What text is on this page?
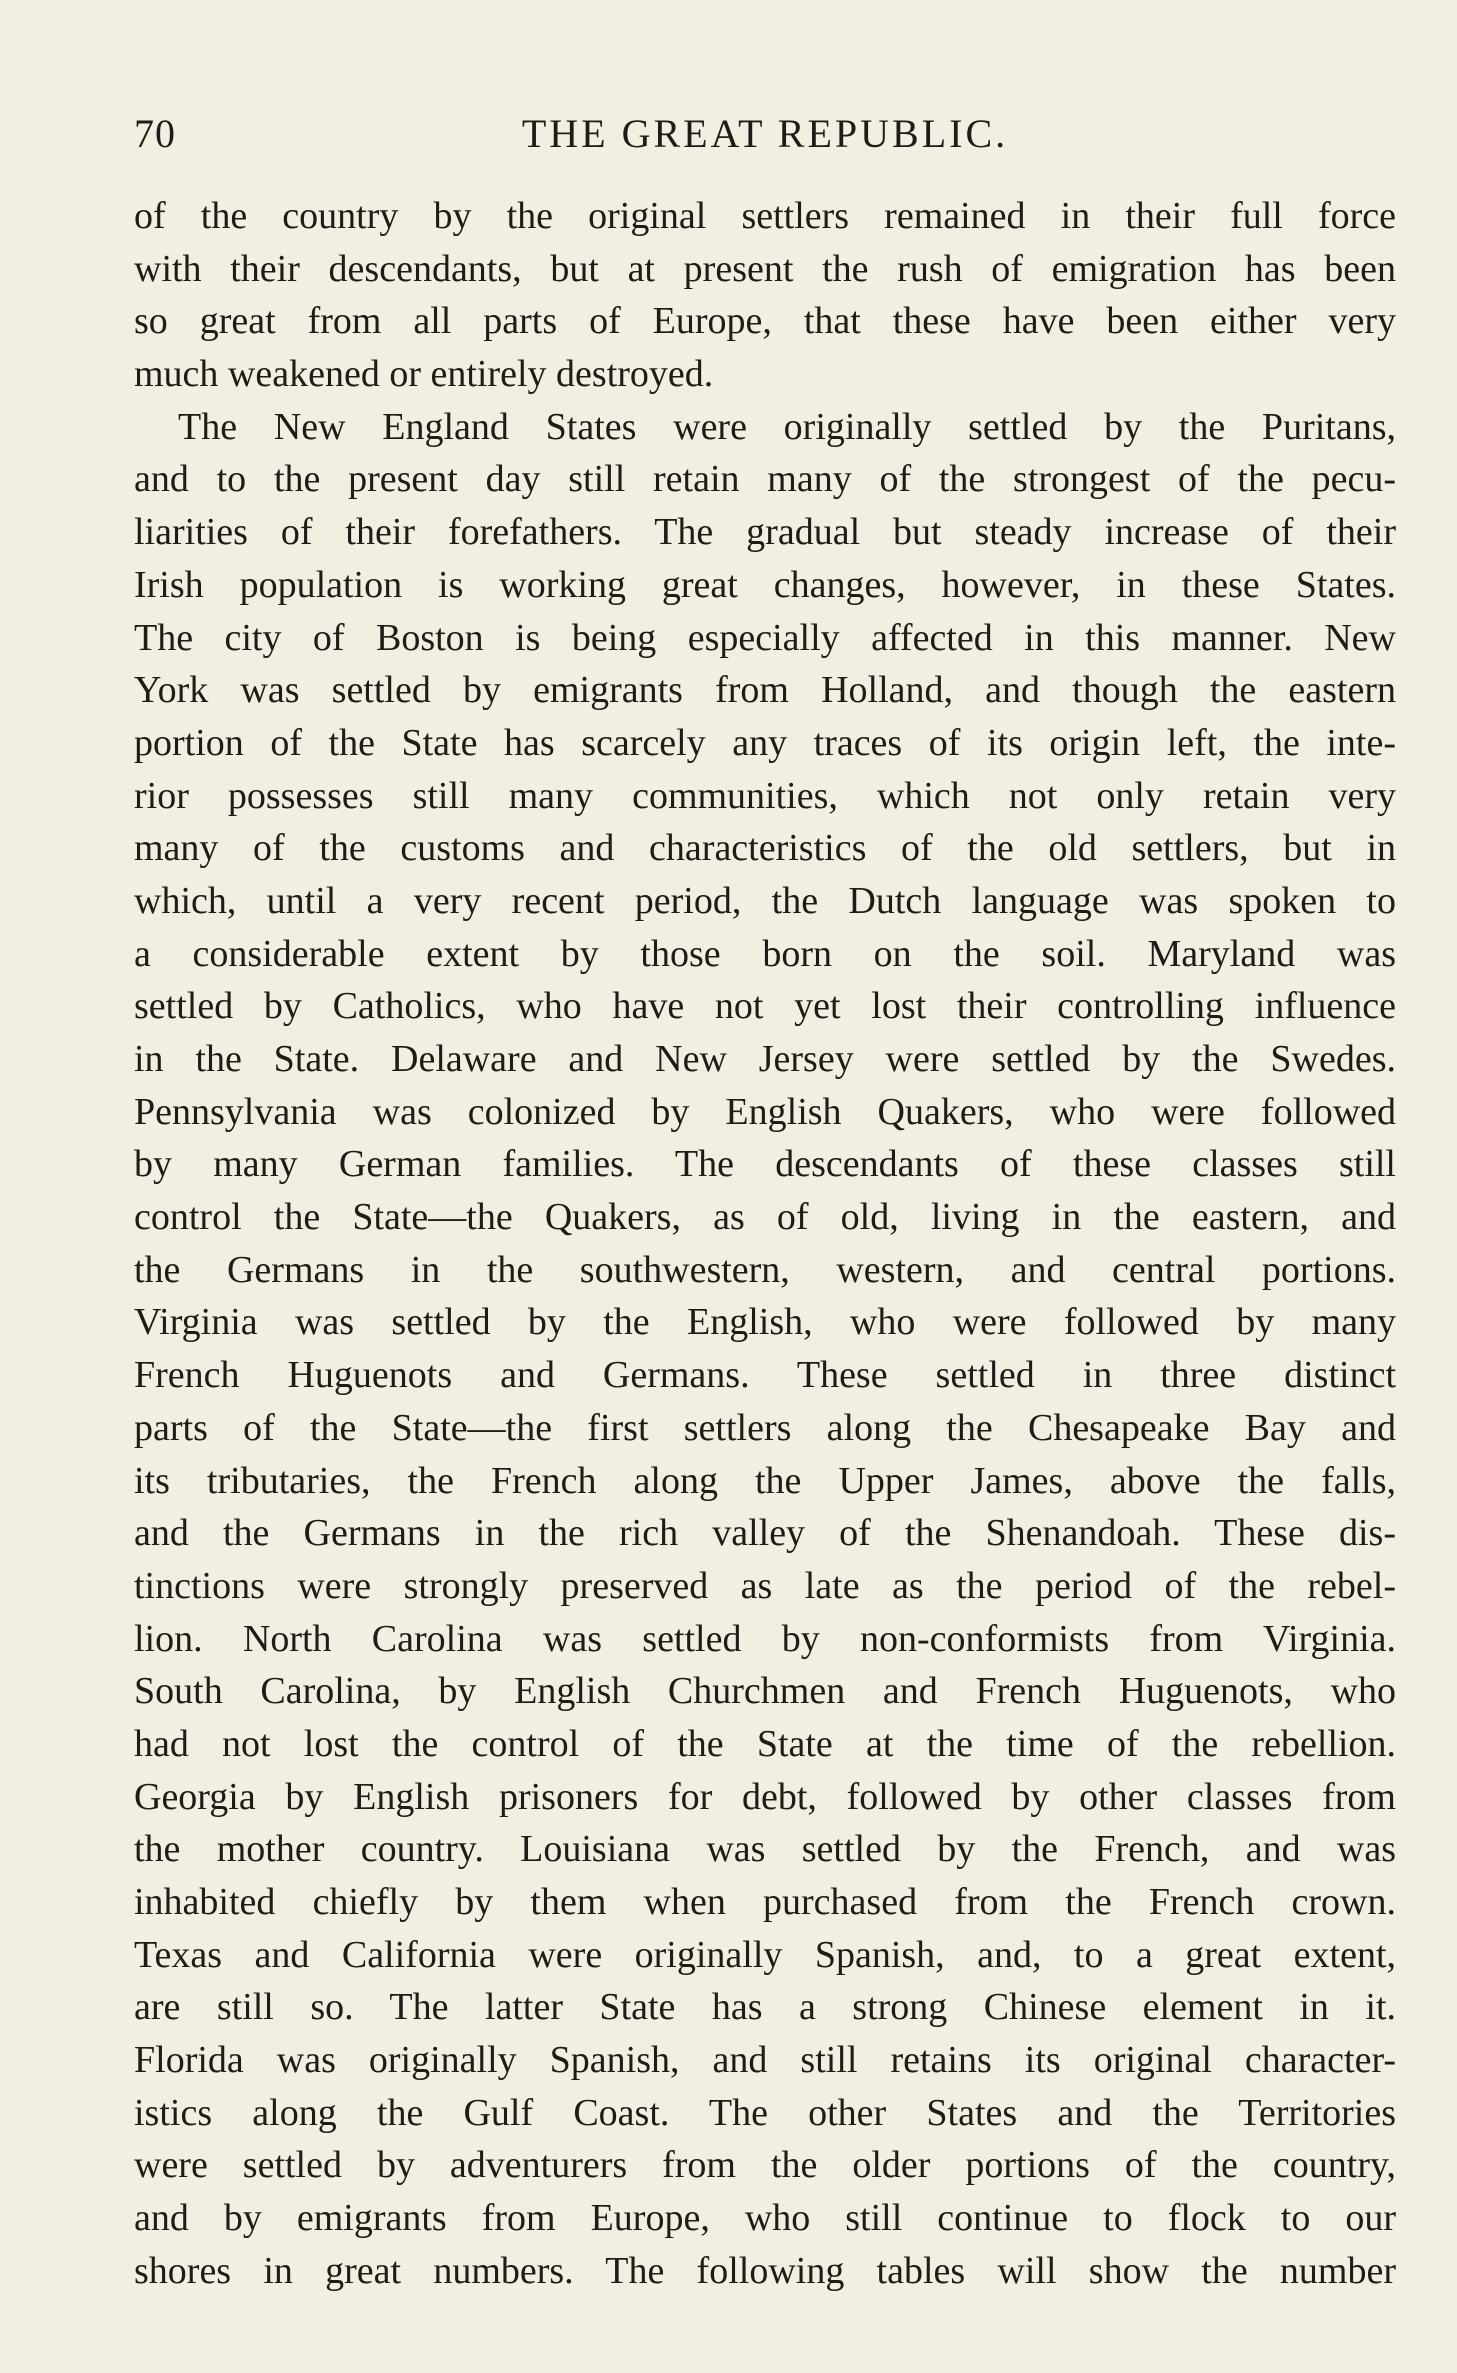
70	THE GREAT REPUBLIC.
of the country by the original settlers remained in their full force
with their descendants, but at present the rush of emigration has been
so great from all parts of Europe, that these have been either very
much weakened or entirely destroyed.
The New England States were originally settled by the Puritans,
and to the present day still retain many of the strongest of the pecu-
liarities of their forefathers. The gradual but steady increase of their
Irish population is working great changes, however, in these States.
The city of Boston is being especially affected in this manner. New
York was settled by emigrants from Holland, and though the eastern
portion of the State has scarcely any traces of its origin left, the inte-
rior possesses still many communities, which not only retain very
many of the customs and characteristics of the old settlers, but in
which, until a very recent period, the Dutch language was spoken to
a considerable extent by those born on the soil. Maryland was
settled by Catholics, who have not yet lost their controlling influence
in the State. Delaware and New Jersey were settled by the Swedes.
Pennsylvania was colonized by English Quakers, who were followed
by many German families. The descendants of these classes still
control the State—the Quakers, as of old, living in the eastern, and
the Germans in the southwestern, western, and central portions.
Virginia was settled by the English, who were followed by many
French Huguenots and Germans. These settled in three distinct
parts of the State—the first settlers along the Chesapeake Bay and
its tributaries, the French along the Upper James, above the falls,
and the Germans in the rich valley of the Shenandoah. These dis-
tinctions were strongly preserved as late as the period of the rebel-
lion. North Carolina was settled by non-conformists from Virginia.
South Carolina, by English Churchmen and French Huguenots, who
had not lost the control of the State at the time of the rebellion.
Georgia by English prisoners for debt, followed by other classes from
the mother country. Louisiana was settled by the French, and was
inhabited chiefly by them when purchased from the French crown.
Texas and California were originally Spanish, and, to a great extent,
are still so. The latter State has a strong Chinese element in it.
Florida was originally Spanish, and still retains its original character-
istics along the Gulf Coast. The other States and the Territories
were settled by adventurers from the older portions of the country,
and by emigrants from Europe, who still continue to flock to our
shores in great numbers. The following tables will show the number
